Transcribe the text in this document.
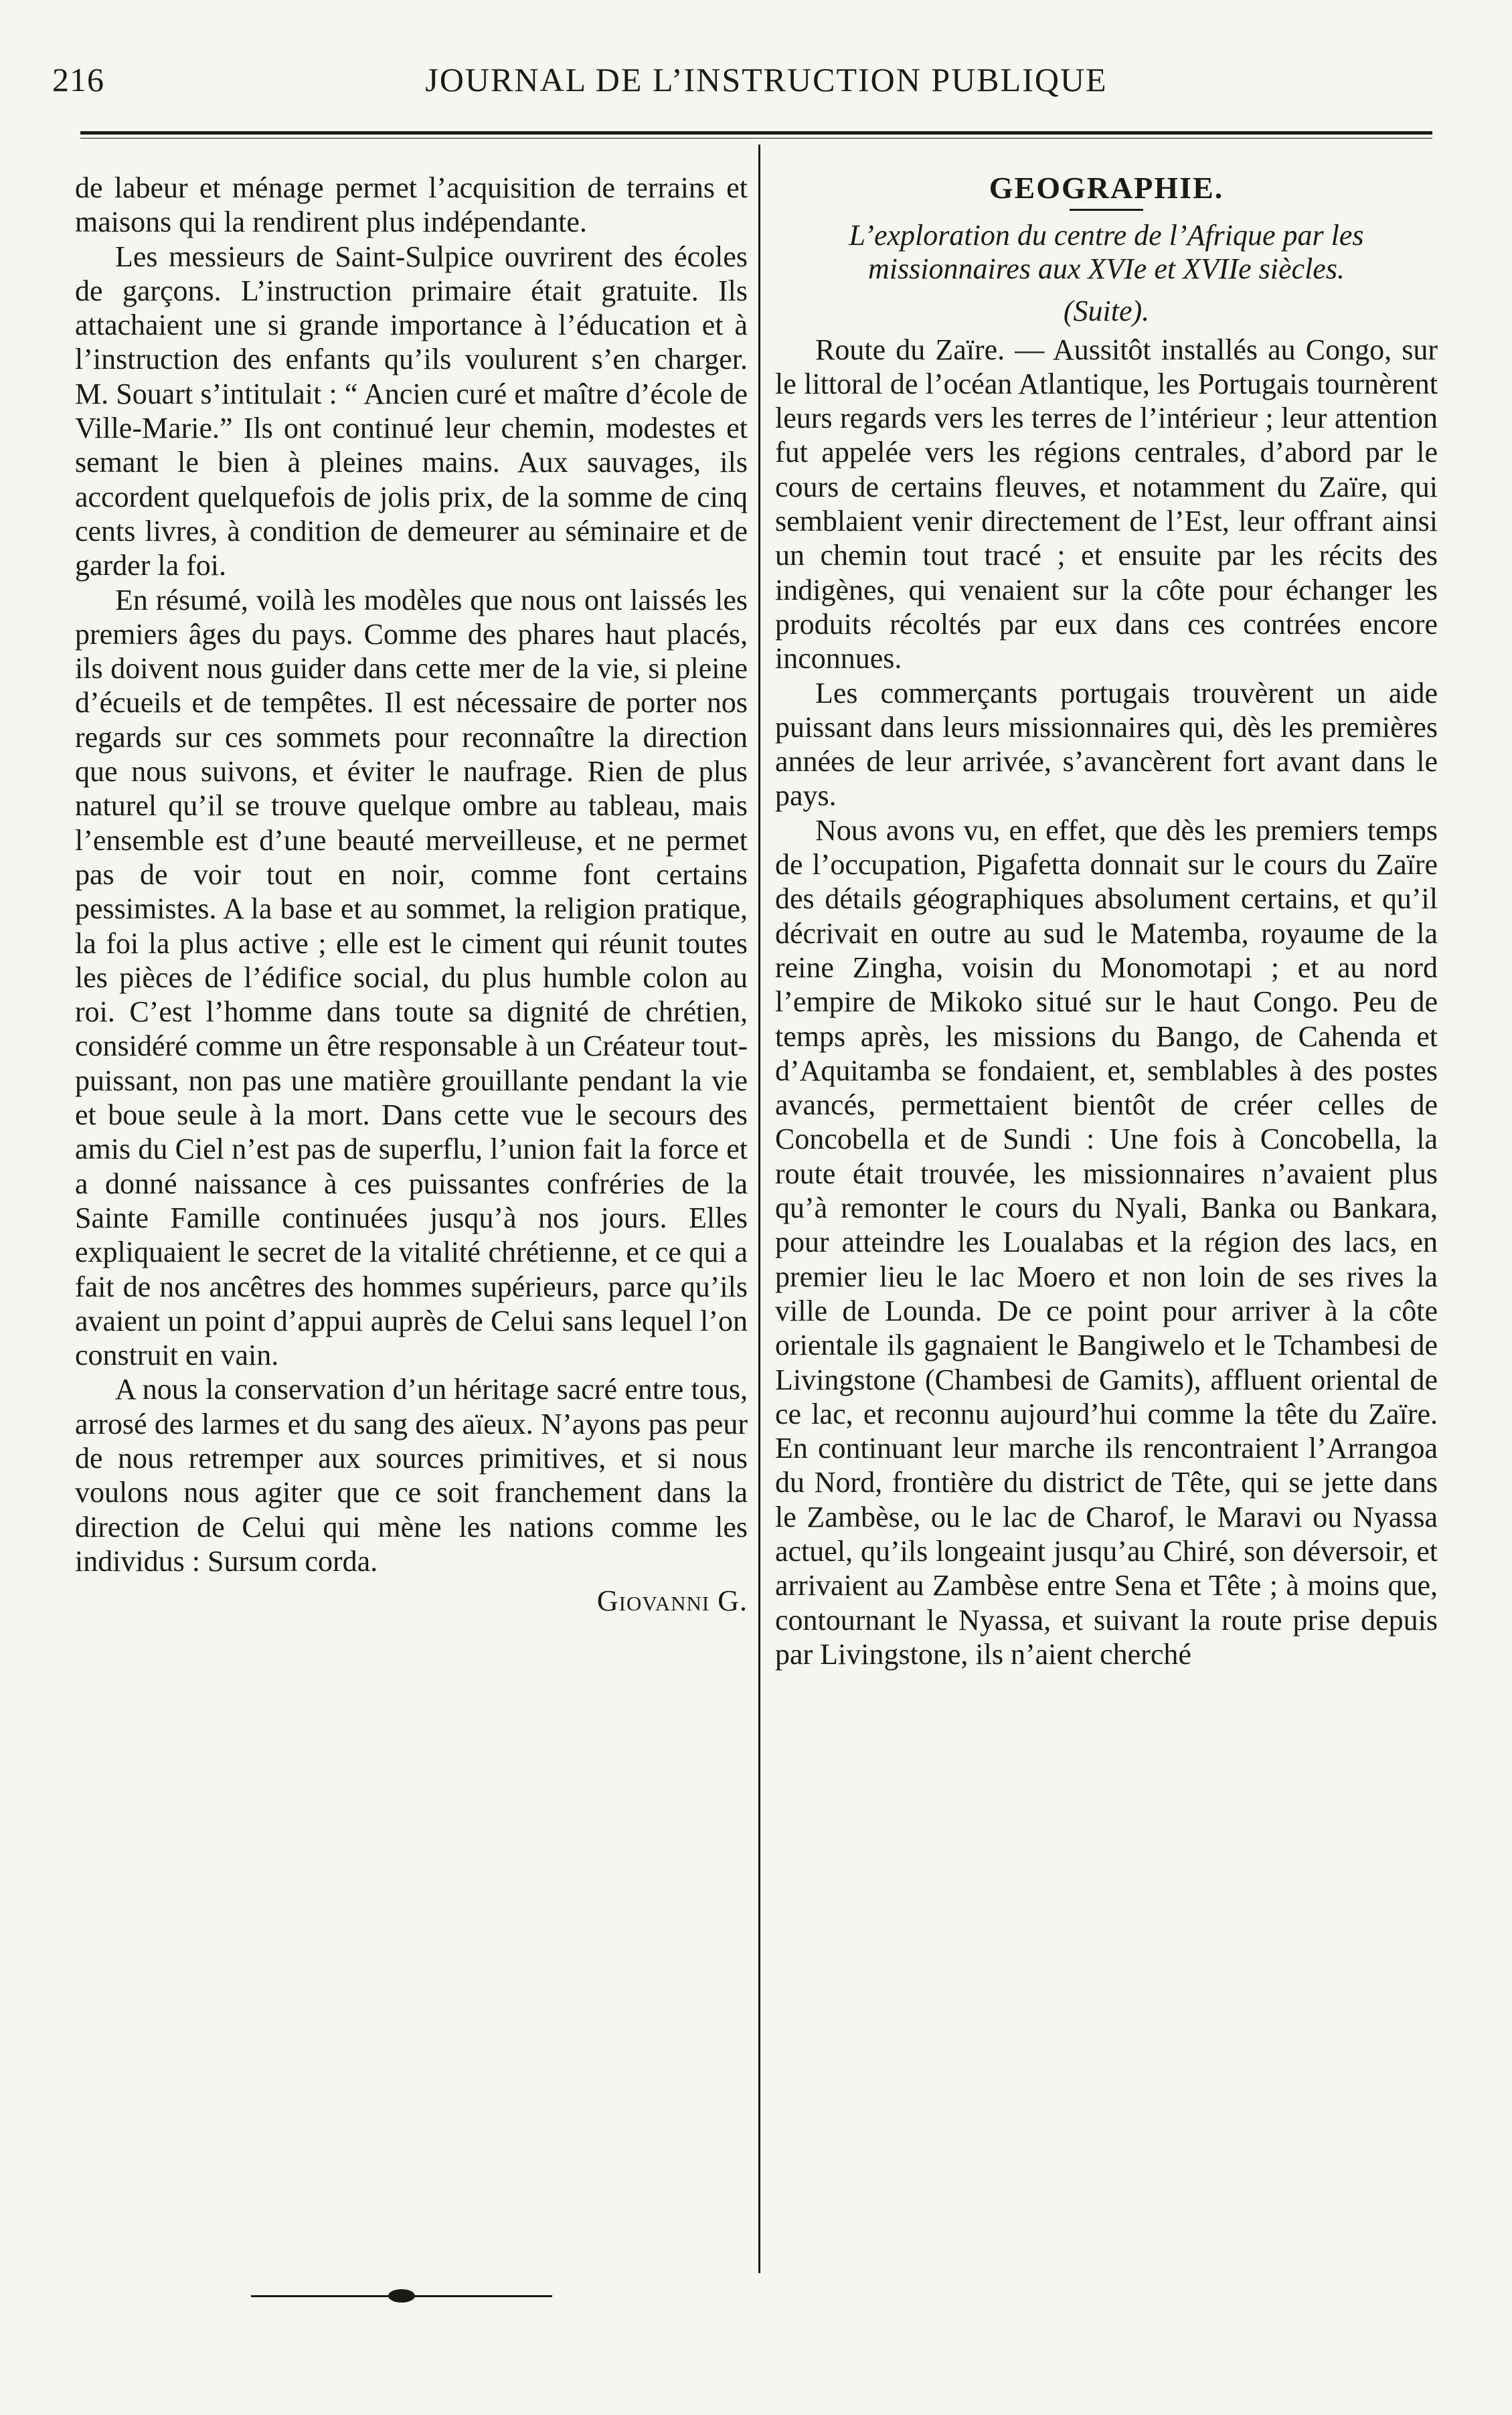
216	JOURNAL DE L’INSTRUCTION PUBLIQUE

de labeur et ménage permet l’acquisition de terrains et maisons qui la rendirent plus indépendante.

Les messieurs de Saint-Sulpice ouvrirent des écoles de garçons. L’instruction primaire était gratuite. Ils attachaient une si grande importance à l’éducation et à l’instruction des enfants qu’ils voulurent s’en charger. M. Souart s’intitulait : “ Ancien curé et maître d’école de Ville-Marie.” Ils ont continué leur chemin, modestes et semant le bien à pleines mains. Aux sauvages, ils accordent quelquefois de jolis prix, de la somme de cinq cents livres, à condition de demeurer au séminaire et de garder la foi.

En résumé, voilà les modèles que nous ont laissés les premiers âges du pays. Comme des phares haut placés, ils doivent nous guider dans cette mer de la vie, si pleine d’écueils et de tempêtes. Il est nécessaire de porter nos regards sur ces sommets pour reconnaître la direction que nous suivons, et éviter le naufrage. Rien de plus naturel qu’il se trouve quelque ombre au tableau, mais l’ensemble est d’une beauté merveilleuse, et ne permet pas de voir tout en noir, comme font certains pessimistes. A la base et au sommet, la religion pratique, la foi la plus active ; elle est le ciment qui réunit toutes les pièces de l’édifice social, du plus humble colon au roi. C’est l’homme dans toute sa dignité de chrétien, considéré comme un être responsable à un Créateur tout-puissant, non pas une matière grouillante pendant la vie et boue seule à la mort. Dans cette vue le secours des amis du Ciel n’est pas de superflu, l’union fait la force et a donné naissance à ces puissantes confréries de la Sainte Famille continuées jusqu’à nos jours. Elles expliquaient le secret de la vitalité chrétienne, et ce qui a fait de nos ancêtres des hommes supérieurs, parce qu’ils avaient un point d’appui auprès de Celui sans lequel l’on construit en vain.

A nous la conservation d’un héritage sacré entre tous, arrosé des larmes et du sang des aïeux. N’ayons pas peur de nous retremper aux sources primitives, et si nous voulons nous agiter que ce soit franchement dans la direction de Celui qui mène les nations comme les individus : Sursum corda.

Giovanni G.

GEOGRAPHIE.

L’exploration du centre de l’Afrique par les missionnaires aux XVIe et XVIIe siècles.

(Suite).

Route du Zaïre. — Aussitôt installés au Congo, sur le littoral de l’océan Atlantique, les Portugais tournèrent leurs regards vers les terres de l’intérieur ; leur attention fut appelée vers les régions centrales, d’abord par le cours de certains fleuves, et notamment du Zaïre, qui semblaient venir directement de l’Est, leur offrant ainsi un chemin tout tracé ; et ensuite par les récits des indigènes, qui venaient sur la côte pour échanger les produits récoltés par eux dans ces contrées encore inconnues.

Les commerçants portugais trouvèrent un aide puissant dans leurs missionnaires qui, dès les premières années de leur arrivée, s’avancèrent fort avant dans le pays.

Nous avons vu, en effet, que dès les premiers temps de l’occupation, Pigafetta donnait sur le cours du Zaïre des détails géographiques absolument certains, et qu’il décrivait en outre au sud le Matemba, royaume de la reine Zingha, voisin du Monomotapi ; et au nord l’empire de Mikoko situé sur le haut Congo. Peu de temps après, les missions du Bango, de Cahenda et d’Aquitamba se fondaient, et, semblables à des postes avancés, permettaient bientôt de créer celles de Concobella et de Sundi : Une fois à Concobella, la route était trouvée, les missionnaires n’avaient plus qu’à remonter le cours du Nyali, Banka ou Bankara, pour atteindre les Loualabas et la région des lacs, en premier lieu le lac Moero et non loin de ses rives la ville de Lounda. De ce point pour arriver à la côte orientale ils gagnaient le Bangiwelo et le Tchambesi de Livingstone (Chambesi de Gamits), affluent oriental de ce lac, et reconnu aujourd’hui comme la tête du Zaïre. En continuant leur marche ils rencontraient l’Arrangoa du Nord, frontière du district de Tête, qui se jette dans le Zambèse, ou le lac de Charof, le Maravi ou Nyassa actuel, qu’ils longeaint jusqu’au Chiré, son déversoir, et arrivaient au Zambèse entre Sena et Tête ; à moins que, contournant le Nyassa, et suivant la route prise depuis par Livingstone, ils n’aient cherché
